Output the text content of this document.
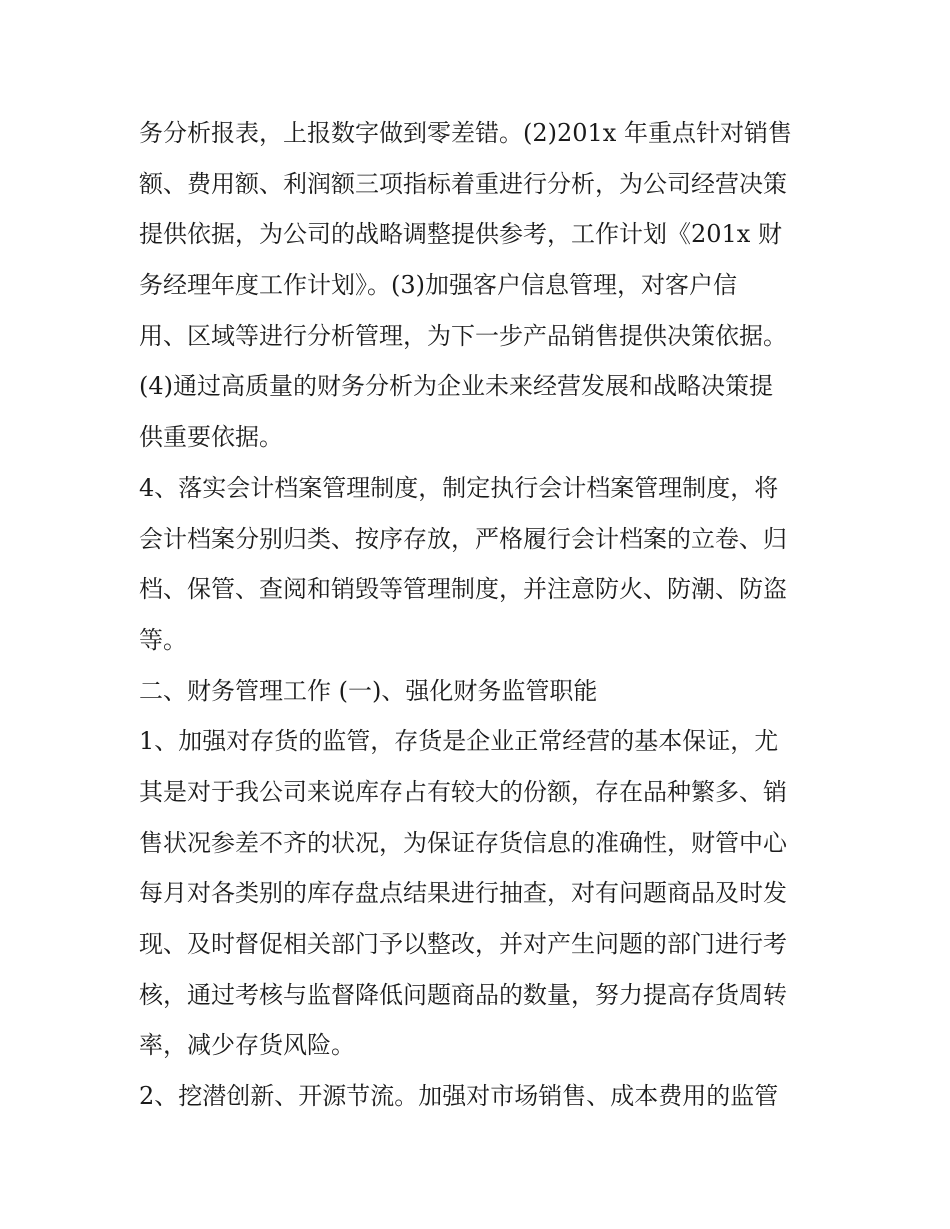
务分析报表，上报数字做到零差错。(2)201x 年重点针对销售
额、费用额、利润额三项指标着重进行分析，为公司经营决策
提供依据，为公司的战略调整提供参考，工作计划《201x 财
务经理年度工作计划》。(3)加强客户信息管理，对客户信
用、区域等进行分析管理，为下一步产品销售提供决策依据。
(4)通过高质量的财务分析为企业未来经营发展和战略决策提
供重要依据。
4、落实会计档案管理制度，制定执行会计档案管理制度，将
会计档案分别归类、按序存放，严格履行会计档案的立卷、归
档、保管、查阅和销毁等管理制度，并注意防火、防潮、防盗
等。
二、财务管理工作 (一)、强化财务监管职能
1、加强对存货的监管，存货是企业正常经营的基本保证，尤
其是对于我公司来说库存占有较大的份额，存在品种繁多、销
售状况参差不齐的状况，为保证存货信息的准确性，财管中心
每月对各类别的库存盘点结果进行抽查，对有问题商品及时发
现、及时督促相关部门予以整改，并对产生问题的部门进行考
核，通过考核与监督降低问题商品的数量，努力提高存货周转
率，减少存货风险。
2、挖潜创新、开源节流。加强对市场销售、成本费用的监管
